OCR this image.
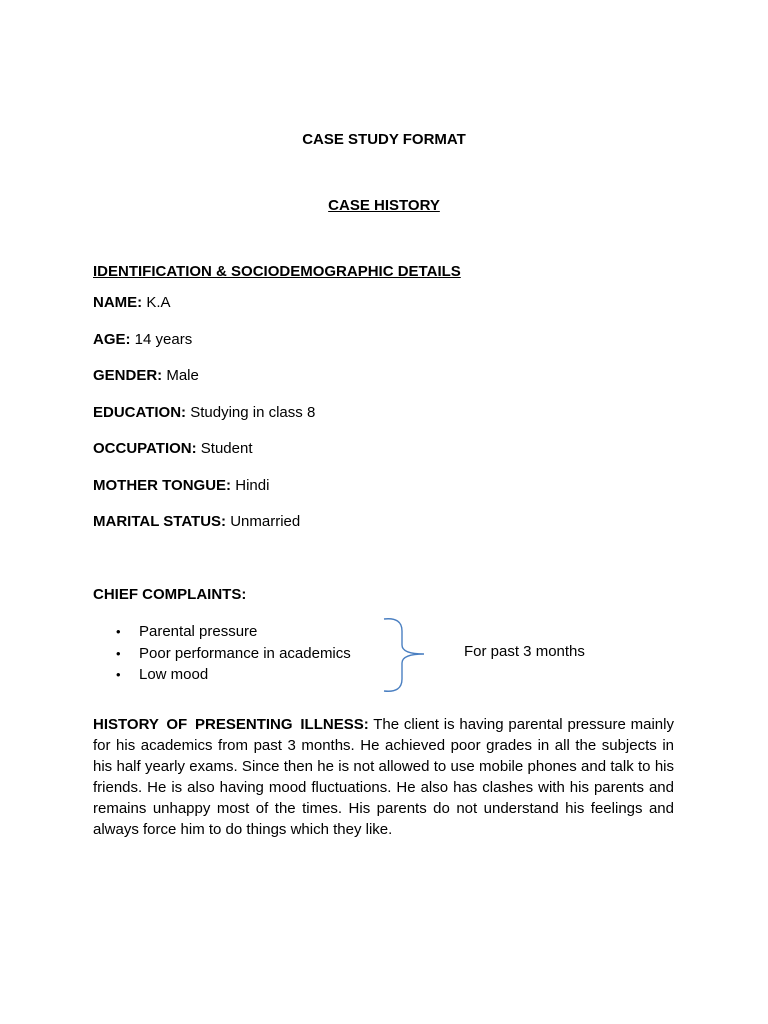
CASE STUDY FORMAT
CASE HISTORY
IDENTIFICATION & SOCIODEMOGRAPHIC DETAILS
NAME: K.A
AGE: 14 years
GENDER: Male
EDUCATION: Studying in class 8
OCCUPATION: Student
MOTHER TONGUE: Hindi
MARITAL STATUS: Unmarried
CHIEF COMPLAINTS:
• Parental pressure
• Poor performance in academics
• Low mood
For past 3 months

HISTORY OF PRESENTING ILLNESS: The client is having parental pressure mainly for his academics from past 3 months. He achieved poor grades in all the subjects in his half yearly exams. Since then he is not allowed to use mobile phones and talk to his friends. He is also having mood fluctuations. He also has clashes with his parents and remains unhappy most of the times. His parents do not understand his feelings and always force him to do things which they like.
